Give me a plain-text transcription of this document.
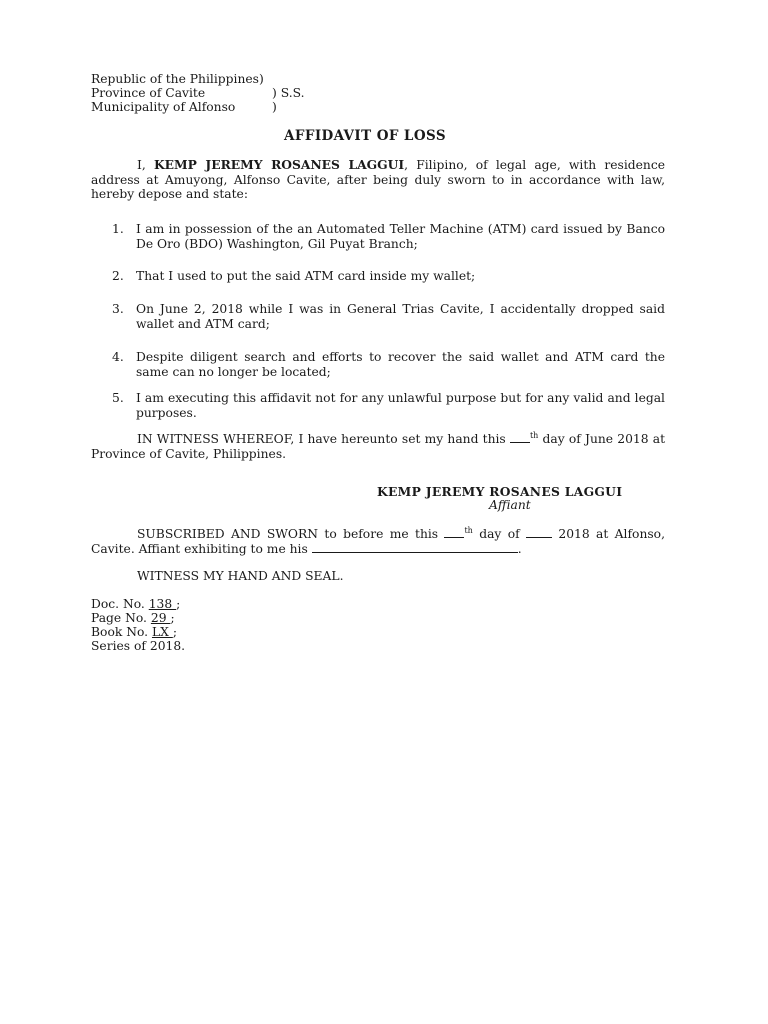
Republic of the Philippines)
Province of Cavite	) S.S.
Municipality of Alfonso	)
AFFIDAVIT OF LOSS
I, KEMP JEREMY ROSANES LAGGUI, Filipino, of legal age, with residence address at Amuyong, Alfonso Cavite, after being duly sworn to in accordance with law, hereby depose and state:
1. I am in possession of the an Automated Teller Machine (ATM) card issued by Banco De Oro (BDO) Washington, Gil Puyat Branch;
2. That I used to put the said ATM card inside my wallet;
3. On June 2, 2018 while I was in General Trias Cavite, I accidentally dropped said wallet and ATM card;
4. Despite diligent search and efforts to recover the said wallet and ATM card the same can no longer be located;
5. I am executing this affidavit not for any unlawful purpose but for any valid and legal purposes.
IN WITNESS WHEREOF, I have hereunto set my hand this	$^{th}$ day of June 2018 at Province of Cavite, Philippines.
KEMP JEREMY ROSANES LAGGUI
Affiant
SUBSCRIBED AND SWORN to before me this	$^{th}$ day of  2018 at Alfonso, Cavite. Affiant exhibiting to me his	.
WITNESS MY HAND AND SEAL.
Doc. No. 138 ;
Page No. 29 ;
Book No. LX ;
Series of 2018.
